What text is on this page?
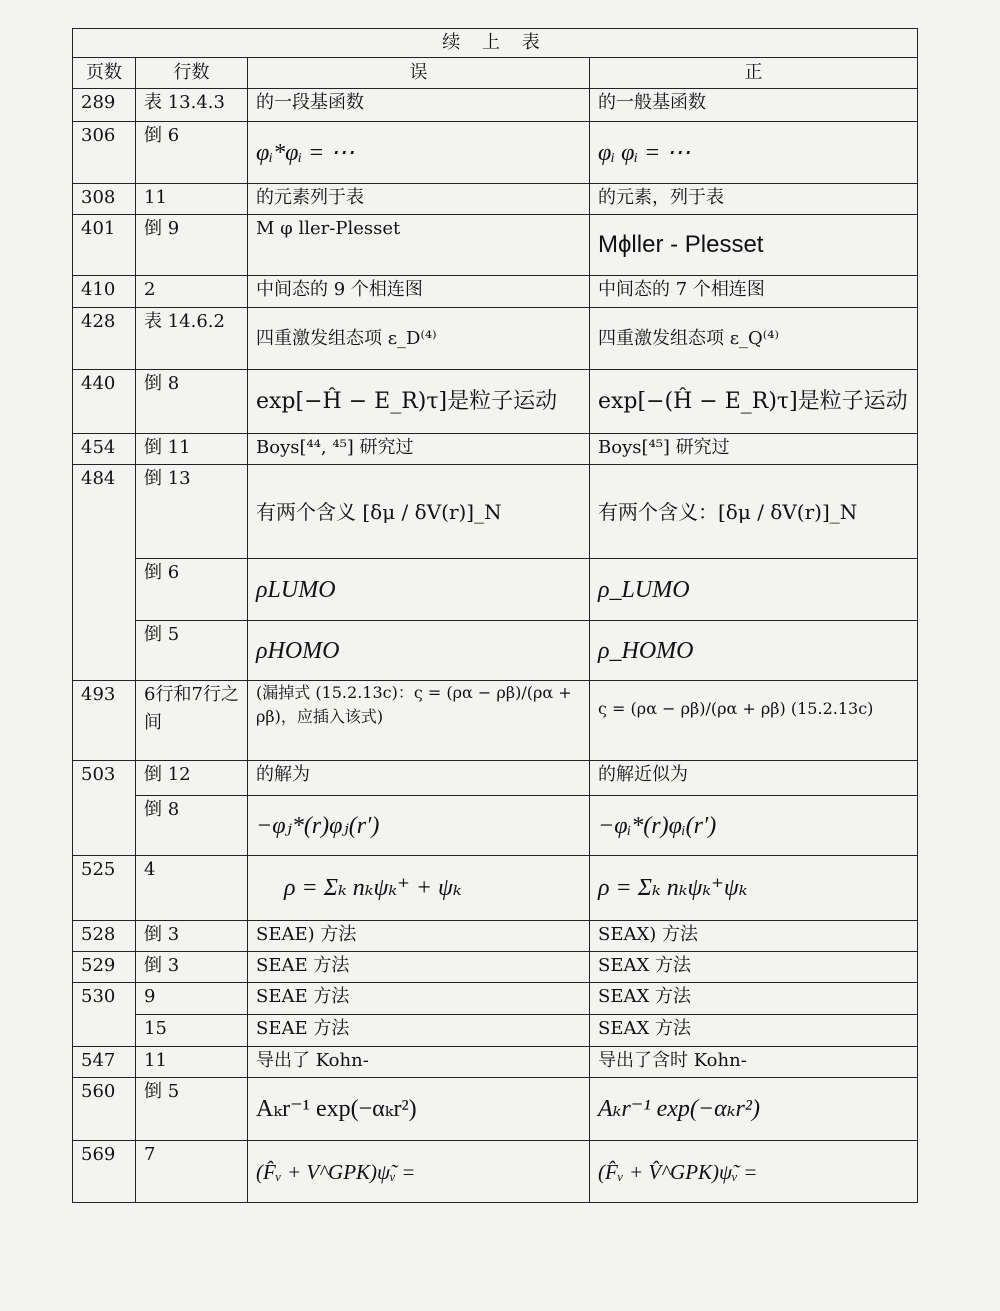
续 上 表			
页数	行数	误	正
289	表 13.4.3	的一段基函数	的一般基函数
306	倒 6	φᵢ*φᵢ = ⋯	φᵢ φᵢ = ⋯
308	11	的元素列于表	的元素，列于表
401	倒 9	M φ ller-Plesset	Mϕller - Plesset
410	2	中间态的 9 个相连图	中间态的 7 个相连图
428	表 14.6.2	四重激发组态项 ε_D⁽⁴⁾	四重激发组态项 ε_Q⁽⁴⁾
440	倒 8	exp[−Ĥ − E_R)τ]是粒子运动	exp[−(Ĥ − E_R)τ]是粒子运动
454	倒 11	Boys[⁴⁴, ⁴⁵] 研究过	Boys[⁴⁵] 研究过
484	倒 13	有两个含义 [δμ / δV(r)]_N	有两个含义：[δμ / δV(r)]_N
	倒 6	ρLUMO	ρ_LUMO
	倒 5	ρHOMO	ρ_HOMO
493	6行和7行之间	(漏掉式 (15.2.13c)：ς = (ρα − ρβ)/(ρα + ρβ)，应插入该式)	ς = (ρα − ρβ)/(ρα + ρβ) (15.2.13c)
503	倒 12	的解为	的解近似为
	倒 8	−φⱼ*(r)φⱼ(r′)	−φᵢ*(r)φᵢ(r′)
525	4	ρ = Σₖ nₖψₖ⁺ + ψₖ	ρ = Σₖ nₖψₖ⁺ψₖ
528	倒 3	SEAE) 方法	SEAX) 方法
529	倒 3	SEAE 方法	SEAX 方法
530	9	SEAE 方法	SEAX 方法
	15	SEAE 方法	SEAX 方法
547	11	导出了 Kohn-	导出了含时 Kohn-
560	倒 5	Aₖr⁻¹ exp(−αₖr²)	Aₖr⁻¹ exp(−αₖr²)
569	7	(F̂ᵥ + V^GPK)ψ̃ᵥ =	(F̂ᵥ + V̂^GPK)ψ̃ᵥ =
